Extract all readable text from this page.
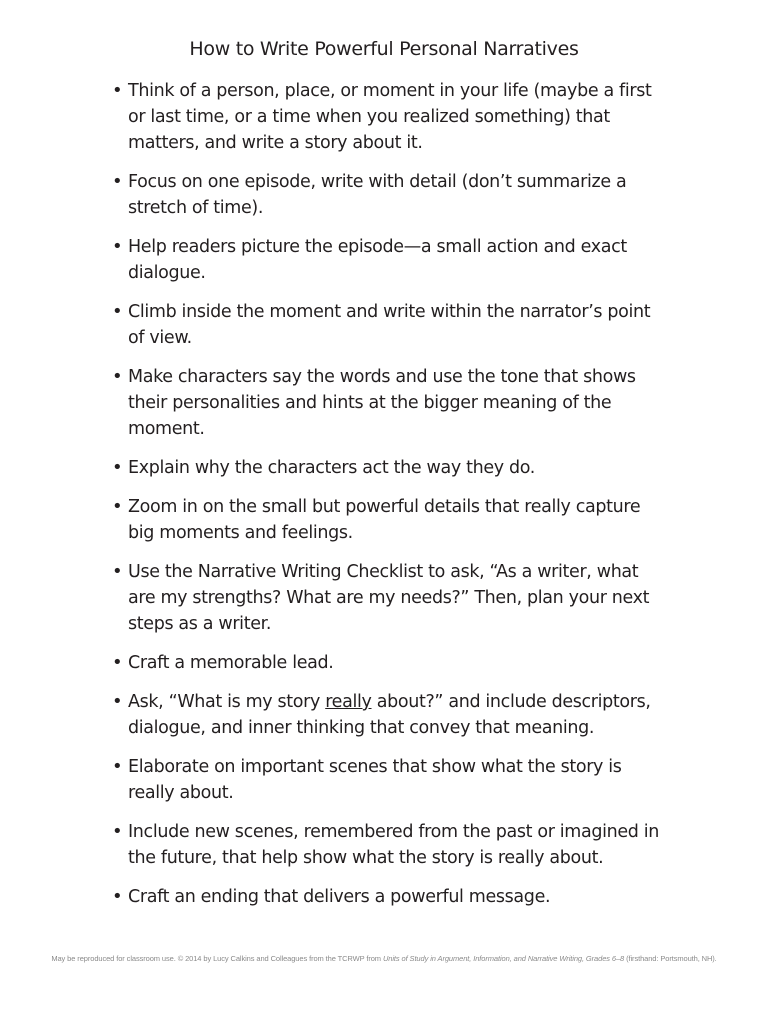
How to Write Powerful Personal Narratives
• Think of a person, place, or moment in your life (maybe a first or last time, or a time when you realized something) that matters, and write a story about it.
• Focus on one episode, write with detail (don’t summarize a stretch of time).
• Help readers picture the episode—a small action and exact dialogue.
• Climb inside the moment and write within the narrator’s point of view.
• Make characters say the words and use the tone that shows their personalities and hints at the bigger meaning of the moment.
• Explain why the characters act the way they do.
• Zoom in on the small but powerful details that really capture big moments and feelings.
• Use the Narrative Writing Checklist to ask, “As a writer, what are my strengths? What are my needs?” Then, plan your next steps as a writer.
• Craft a memorable lead.
• Ask, “What is my story really about?” and include descriptors, dialogue, and inner thinking that convey that meaning.
• Elaborate on important scenes that show what the story is really about.
• Include new scenes, remembered from the past or imagined in the future, that help show what the story is really about.
• Craft an ending that delivers a powerful message.
May be reproduced for classroom use. © 2014 by Lucy Calkins and Colleagues from the TCRWP from Units of Study in Argument, Information, and Narrative Writing, Grades 6–8 (firsthand: Portsmouth, NH).
